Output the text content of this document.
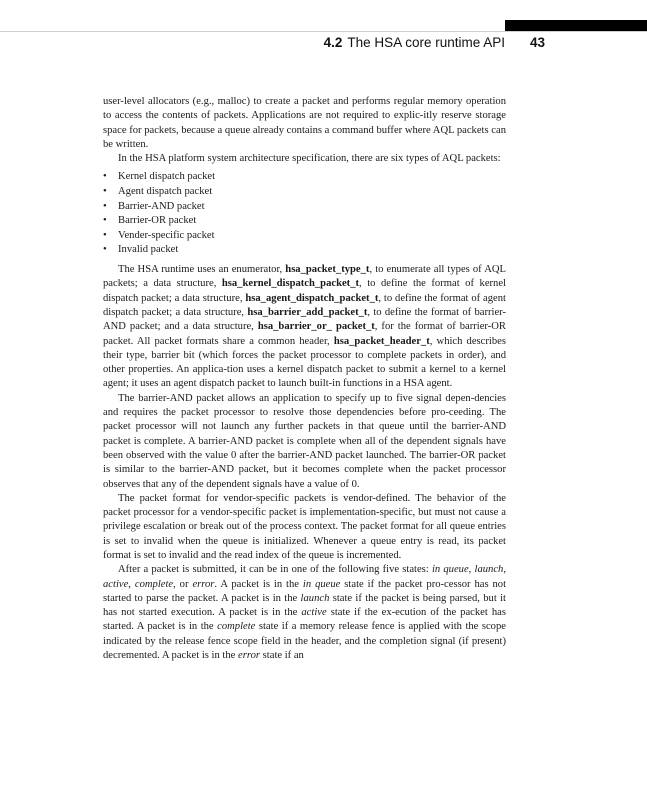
4.2 The HSA core runtime API 43

user-level allocators (e.g., malloc) to create a packet and performs regular memory operation to access the contents of packets. Applications are not required to explic-itly reserve storage space for packets, because a queue already contains a command buffer where AQL packets can be written.

In the HSA platform system architecture specification, there are six types of AQL packets:

• Kernel dispatch packet
• Agent dispatch packet
• Barrier-AND packet
• Barrier-OR packet
• Vender-specific packet
• Invalid packet

The HSA runtime uses an enumerator, hsa_packet_type_t, to enumerate all types of AQL packets; a data structure, hsa_kernel_dispatch_packet_t, to define the format of kernel dispatch packet; a data structure, hsa_agent_dispatch_packet_t, to define the format of agent dispatch packet; a data structure, hsa_barrier_add_packet_t, to define the format of barrier-AND packet; and a data structure, hsa_barrier_or_ packet_t, for the format of barrier-OR packet. All packet formats share a common header, hsa_packet_header_t, which describes their type, barrier bit (which forces the packet processor to complete packets in order), and other properties. An applica-tion uses a kernel dispatch packet to submit a kernel to a kernel agent; it uses an agent dispatch packet to launch built-in functions in a HSA agent.

The barrier-AND packet allows an application to specify up to five signal depen-dencies and requires the packet processor to resolve those dependencies before pro-ceeding. The packet processor will not launch any further packets in that queue until the barrier-AND packet is complete. A barrier-AND packet is complete when all of the dependent signals have been observed with the value 0 after the barrier-AND packet launched. The barrier-OR packet is similar to the barrier-AND packet, but it becomes complete when the packet processor observes that any of the dependent signals have a value of 0.

The packet format for vendor-specific packets is vendor-defined. The behavior of the packet processor for a vendor-specific packet is implementation-specific, but must not cause a privilege escalation or break out of the process context. The packet format for all queue entries is set to invalid when the queue is initialized. Whenever a queue entry is read, its packet format is set to invalid and the read index of the queue is incremented.

After a packet is submitted, it can be in one of the following five states: in queue, launch, active, complete, or error. A packet is in the in queue state if the packet pro-cessor has not started to parse the packet. A packet is in the launch state if the packet is being parsed, but it has not started execution. A packet is in the active state if the ex-ecution of the packet has started. A packet is in the complete state if a memory release fence is applied with the scope indicated by the release fence scope field in the header, and the completion signal (if present) decremented. A packet is in the error state if an
